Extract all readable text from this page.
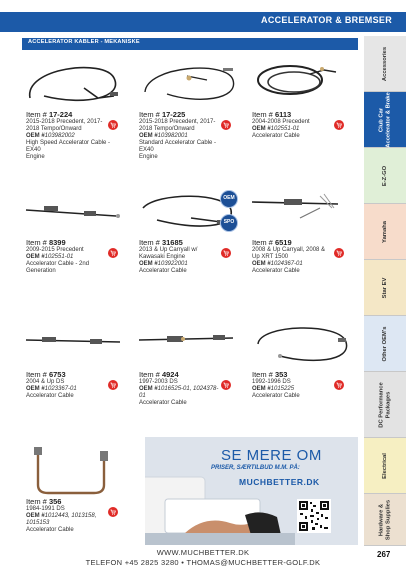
ACCELERATOR & BREMSER
ACCELERATOR KABLER - MEKANISKE
Item # 17-224
2015-2018 Precedent, 2017-
2018 Tempo/Onward
OEM #103982002
High Speed Accelerator Cable - EX40
Engine
Item # 17-225
2015-2018 Precedent, 2017-
2018 Tempo/Onward
OEM #103982001
Standard Accelerator Cable - EX40
Engine
Item # 6113
2004-2008 Precedent
OEM #102551-01
Accelerator Cable
Item # 8399
2009-2015 Precedent
OEM #102551-01
Accelerator Cable - 2nd Generation
Item # 31685
2013 & Up Carryall w/
Kawasaki Engine
OEM #103922001
Accelerator Cable
Item # 6519
2008 & Up Carryall, 2008 &
Up XRT 1500
OEM #1024367-01
Accelerator Cable
Item # 6753
2004 & Up DS
OEM #1023367-01
Accelerator Cable
Item # 4924
1997-2003 DS
OEM #1016525-01, 1024378-01
Accelerator Cable
Item # 353
1992-1996 DS
OEM #1015225
Accelerator Cable
Item # 356
1984-1991 DS
OEM #1012443, 1013158,
1015153
Accelerator Cable
OEM
SPO
Accessories
Club Car Accelerator & Brake
E-Z-GO
Yamaha
Star EV
Other OEM's
DC Performance Packages
Electrical
Hardware & Shop Supplies
SE MERE OM
PRISER, SÆRTILBUD M.M. PÅ:
MUCHBETTER.DK
WWW.MUCHBETTER.DK
TELEFON +45 2825 3280 • THOMAS@MUCHBETTER-GOLF.DK
267
